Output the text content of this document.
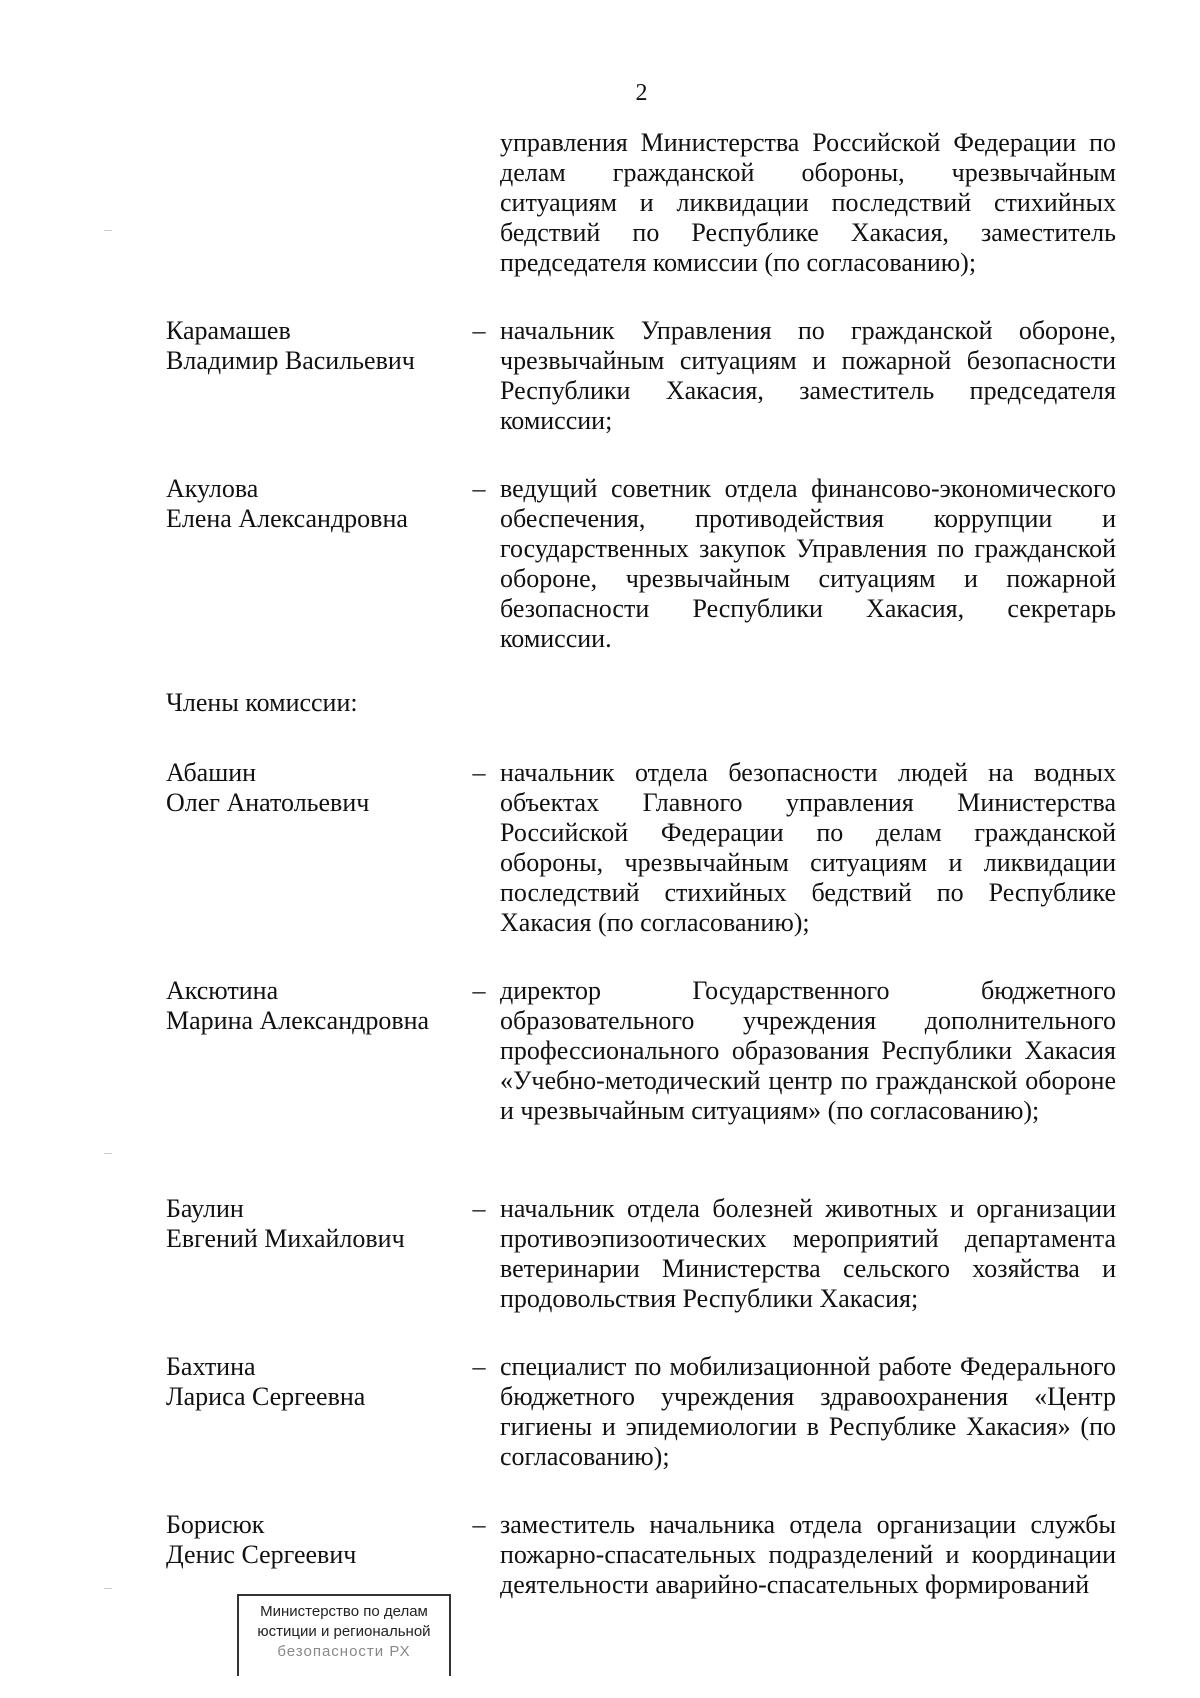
2
управления Министерства Российской Федерации по делам гражданской обороны, чрезвычайным ситуациям и ликвидации последствий стихийных бедствий по Республике Хакасия, заместитель председателя комиссии (по согласованию);
Карамашев
Владимир Васильевич
– начальник Управления по гражданской обороне, чрезвычайным ситуациям и пожарной безопасности Республики Хакасия, заместитель председателя комиссии;
Акулова
Елена Александровна
– ведущий советник отдела финансово-экономического обеспечения, противодействия коррупции и государственных закупок Управления по гражданской обороне, чрезвычайным ситуациям и пожарной безопасности Республики Хакасия, секретарь комиссии.
Члены комиссии:
Абашин
Олег Анатольевич
– начальник отдела безопасности людей на водных объектах Главного управления Министерства Российской Федерации по делам гражданской обороны, чрезвычайным ситуациям и ликвидации последствий стихийных бедствий по Республике Хакасия (по согласованию);
Аксютина
Марина Александровна
– директор Государственного бюджетного образовательного учреждения дополнительного профессионального образования Республики Хакасия «Учебно-методический центр по гражданской обороне и чрезвычайным ситуациям» (по согласованию);
Баулин
Евгений Михайлович
– начальник отдела болезней животных и организации противоэпизоотических мероприятий департамента ветеринарии Министерства сельского хозяйства и продовольствия Республики Хакасия;
Бахтина
Лариса Сергеевна
– специалист по мобилизационной работе Федерального бюджетного учреждения здравоохранения «Центр гигиены и эпидемиологии в Республике Хакасия» (по согласованию);
Борисюк
Денис Сергеевич
– заместитель начальника отдела организации службы пожарно-спасательных подразделений и координации деятельности аварийно-спасательных формирований
Министерство по делам
юстиции и региональной
безопасности РХ
